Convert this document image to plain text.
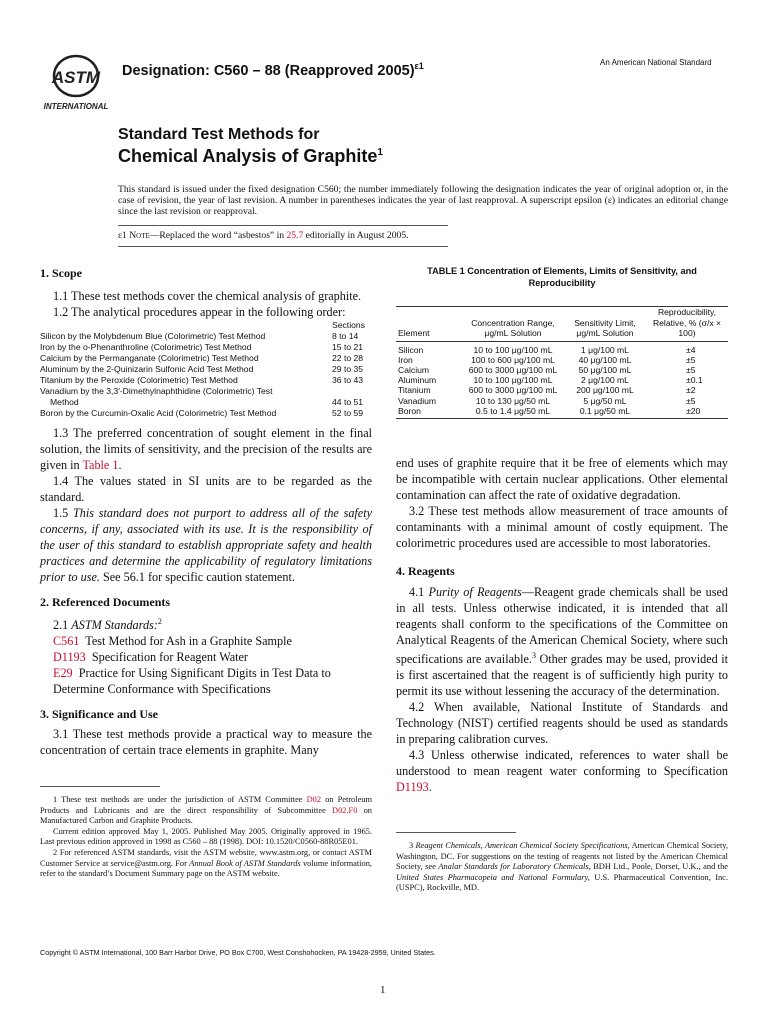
ASTM
INTERNATIONAL
Designation: C560 – 88 (Reapproved 2005)$^{\varepsilon 1}$	An American National Standard
Standard Test Methods for
Chemical Analysis of Graphite$^1$
This standard is issued under the fixed designation C560; the number immediately following the designation indicates the year of original adoption or, in the case of revision, the year of last revision. A number in parentheses indicates the year of last reapproval. A superscript epsilon (ε) indicates an editorial change since the last revision or reapproval.
ε1 Note—Replaced the word “asbestos” in 25.7 editorially in August 2005.
1. Scope
1.1 These test methods cover the chemical analysis of graphite.
1.2 The analytical procedures appear in the following order:
Sections
Silicon by the Molybdenum Blue (Colorimetric) Test Method	8 to 14
Iron by the o-Phenanthroline (Colorimetric) Test Method	15 to 21
Calcium by the Permanganate (Colorimetric) Test Method	22 to 28
Aluminum by the 2-Quinizarin Sulfonic Acid Test Method	29 to 35
Titanium by the Peroxide (Colorimetric) Test Method	36 to 43
Vanadium by the 3,3′-Dimethylnaphthidine (Colorimetric) Test
Method	44 to 51
Boron by the Curcumin-Oxalic Acid (Colorimetric) Test Method	52 to 59
1.3 The preferred concentration of sought element in the final solution, the limits of sensitivity, and the precision of the results are given in Table 1.
1.4 The values stated in SI units are to be regarded as the standard.
1.5 This standard does not purport to address all of the safety concerns, if any, associated with its use. It is the responsibility of the user of this standard to establish appropriate safety and health practices and determine the applicability of regulatory limitations prior to use. See 56.1 for specific caution statement.
2. Referenced Documents
2.1 ASTM Standards:$^2$
C561 Test Method for Ash in a Graphite Sample
D1193 Specification for Reagent Water
E29 Practice for Using Significant Digits in Test Data to Determine Conformance with Specifications
3. Significance and Use
3.1 These test methods provide a practical way to measure the concentration of certain trace elements in graphite. Many
1 These test methods are under the jurisdiction of ASTM Committee D02 on Petroleum Products and Lubricants and are the direct responsibility of Subcommittee D02.F0 on Manufactured Carbon and Graphite Products.
Current edition approved May 1, 2005. Published May 2005. Originally approved in 1965. Last previous edition approved in 1998 as C560 – 88 (1998). DOI: 10.1520/C0560-88R05E01.
2 For referenced ASTM standards, visit the ASTM website, www.astm.org, or contact ASTM Customer Service at service@astm.org. For Annual Book of ASTM Standards volume information, refer to the standard’s Document Summary page on the ASTM website.
TABLE 1 Concentration of Elements, Limits of Sensitivity, and Reproducibility
Element	Concentration Range, μg/mL Solution	Sensitivity Limit, μg/mL Solution	Reproducibility, Relative, % (σ/x × 100)
Silicon	10 to 100 μg/100 mL	1 μg/100 mL	±4
Iron	100 to 600 μg/100 mL	40 μg/100 mL	±5
Calcium	600 to 3000 μg/100 mL	50 μg/100 mL	±5
Aluminum	10 to 100 μg/100 mL	2 μg/100 mL	±0.1
Titanium	600 to 3000 μg/100 mL	200 μg/100 mL	±2
Vanadium	10 to 130 μg/50 mL	5 μg/50 mL	±5
Boron	0.5 to 1.4 μg/50 mL	0.1 μg/50 mL	±20
end uses of graphite require that it be free of elements which may be incompatible with certain nuclear applications. Other elemental contamination can affect the rate of oxidative degradation.
3.2 These test methods allow measurement of trace amounts of contaminants with a minimal amount of costly equipment. The colorimetric procedures used are accessible to most laboratories.
4. Reagents
4.1 Purity of Reagents—Reagent grade chemicals shall be used in all tests. Unless otherwise indicated, it is intended that all reagents shall conform to the specifications of the Committee on Analytical Reagents of the American Chemical Society, where such specifications are available.$^3$ Other grades may be used, provided it is first ascertained that the reagent is of sufficiently high purity to permit its use without lessening the accuracy of the determination.
4.2 When available, National Institute of Standards and Technology (NIST) certified reagents should be used as standards in preparing calibration curves.
4.3 Unless otherwise indicated, references to water shall be understood to mean reagent water conforming to Specification D1193.
3 Reagent Chemicals, American Chemical Society Specifications, American Chemical Society, Washington, DC. For suggestions on the testing of reagents not listed by the American Chemical Society, see Analar Standards for Laboratory Chemicals, BDH Ltd., Poole, Dorset, U.K., and the United States Pharmacopeia and National Formulary, U.S. Pharmaceutical Convention, Inc. (USPC), Rockville, MD.
Copyright © ASTM International, 100 Barr Harbor Drive, PO Box C700, West Conshohocken, PA 19428-2959, United States.
1
